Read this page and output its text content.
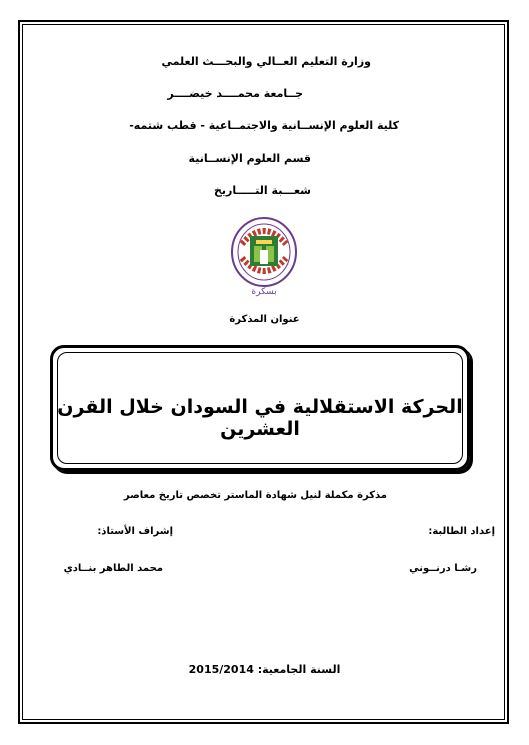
وزارة التعليم العــالي والبحـــث العلمي
جــامعة محمــــد خيضــــر
كلية العلوم الإنســانية والاجتمــاعية - قطب شتمه-
قسم العلوم الإنســانية
شعـــبة التـــــاريخ
بسكرة
عنوان المذكرة
الحركة الاستقلالية في السودان خلال القرن العشرين
مذكرة مكملة لنيل شهادة الماستر تخصص تاريخ معاصر
إعداد الطالبة:
إشراف الأستاذ:
رشـا درنــوني
محمد الطاهر بنــادي
السنة الجامعية: 2015/2014
